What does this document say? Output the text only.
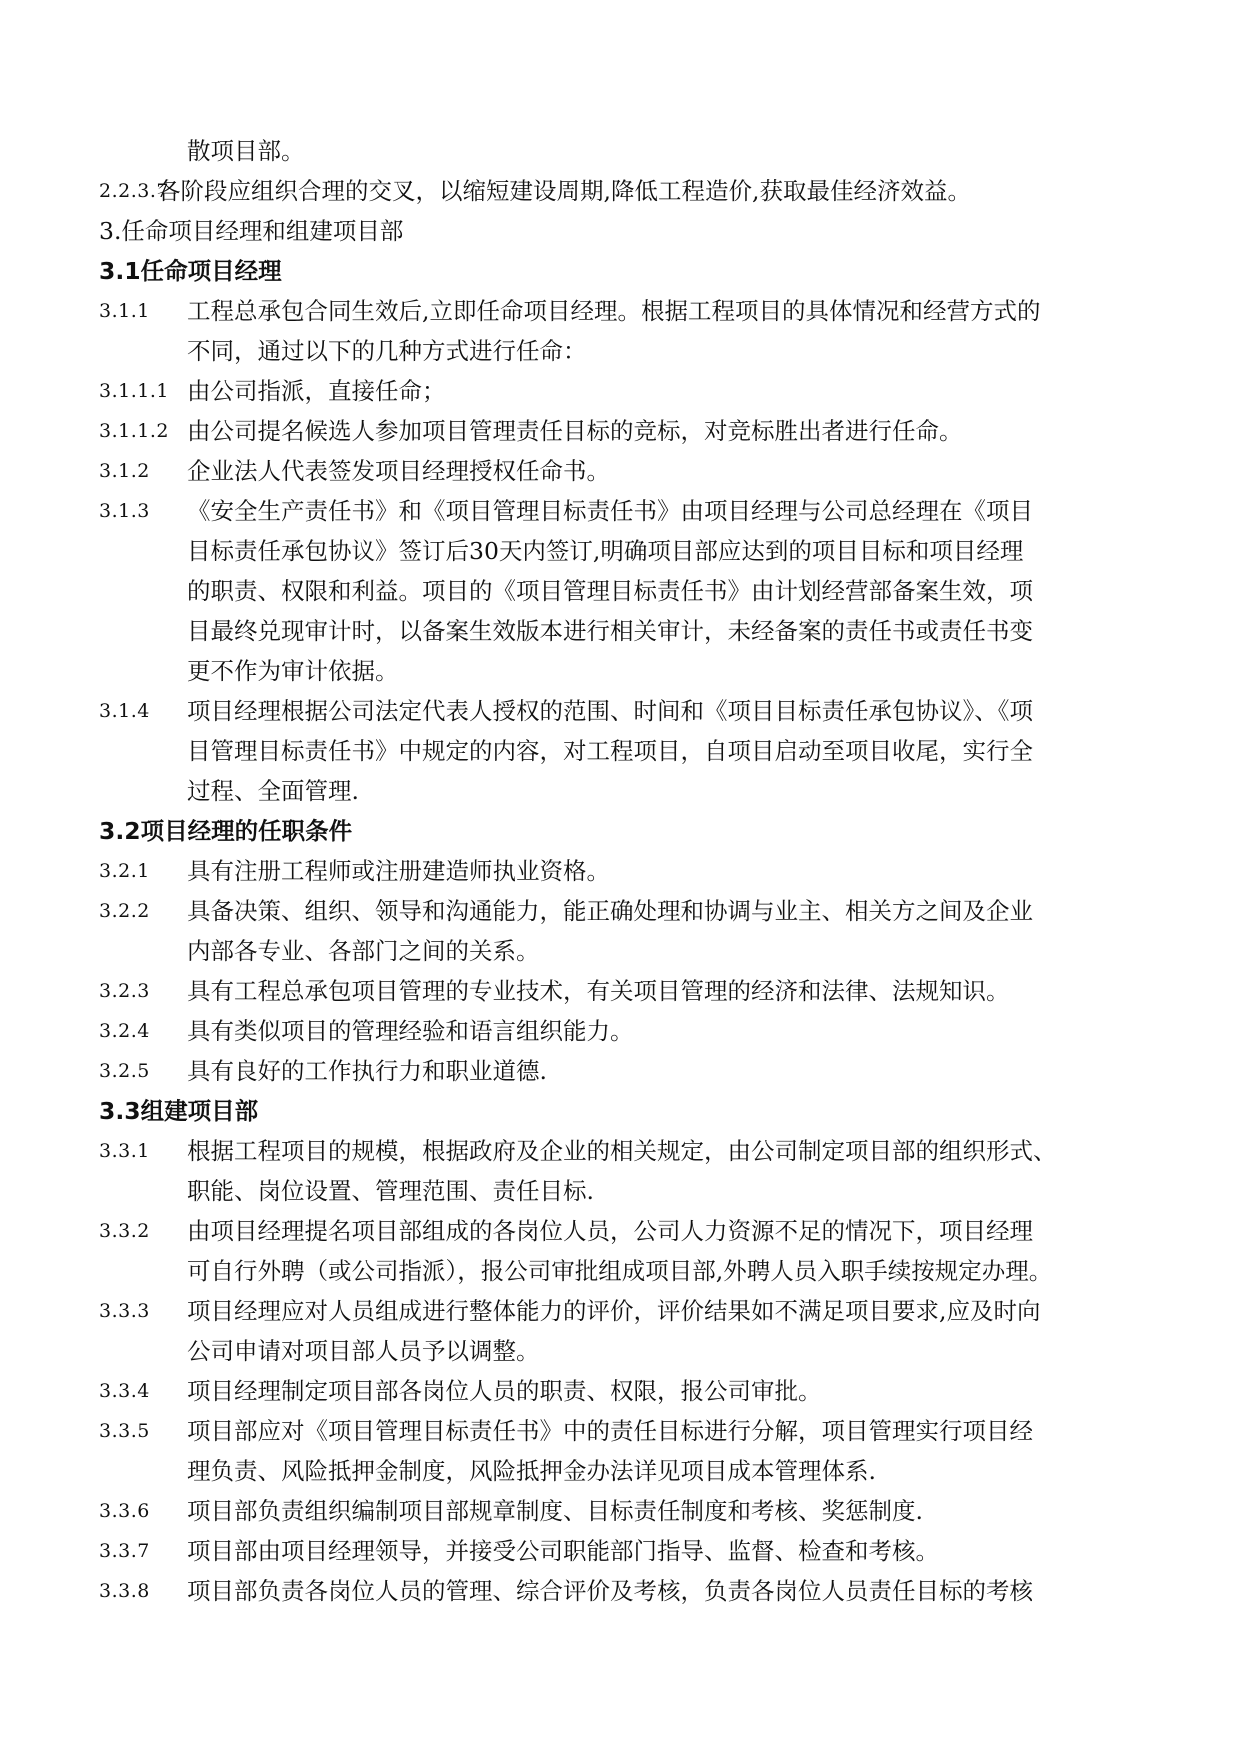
散项目部。
2.2.3.7
各阶段应组织合理的交叉，以缩短建设周期,降低工程造价,获取最佳经济效益。
3.任命项目经理和组建项目部
3.1任命项目经理
3.1.1 工程总承包合同生效后,立即任命项目经理。根据工程项目的具体情况和经营方式的
不同，通过以下的几种方式进行任命：
3.1.1.1 由公司指派，直接任命；
3.1.1.2 由公司提名候选人参加项目管理责任目标的竞标，对竞标胜出者进行任命。
3.1.2 企业法人代表签发项目经理授权任命书。
3.1.3 《安全生产责任书》和《项目管理目标责任书》由项目经理与公司总经理在《项目
目标责任承包协议》签订后30天内签订,明确项目部应达到的项目目标和项目经理
的职责、权限和利益。项目的《项目管理目标责任书》由计划经营部备案生效，项
目最终兑现审计时，以备案生效版本进行相关审计，未经备案的责任书或责任书变
更不作为审计依据。
3.1.4 项目经理根据公司法定代表人授权的范围、时间和《项目目标责任承包协议》、《项
目管理目标责任书》中规定的内容，对工程项目，自项目启动至项目收尾，实行全
过程、全面管理.
3.2项目经理的任职条件
3.2.1 具有注册工程师或注册建造师执业资格。
3.2.2 具备决策、组织、领导和沟通能力，能正确处理和协调与业主、相关方之间及企业
内部各专业、各部门之间的关系。
3.2.3 具有工程总承包项目管理的专业技术，有关项目管理的经济和法律、法规知识。
3.2.4 具有类似项目的管理经验和语言组织能力。
3.2.5 具有良好的工作执行力和职业道德.
3.3组建项目部
3.3.1 根据工程项目的规模，根据政府及企业的相关规定，由公司制定项目部的组织形式、
职能、岗位设置、管理范围、责任目标.
3.3.2 由项目经理提名项目部组成的各岗位人员，公司人力资源不足的情况下，项目经理
可自行外聘（或公司指派），报公司审批组成项目部,外聘人员入职手续按规定办理。
3.3.3 项目经理应对人员组成进行整体能力的评价，评价结果如不满足项目要求,应及时向
公司申请对项目部人员予以调整。
3.3.4 项目经理制定项目部各岗位人员的职责、权限，报公司审批。
3.3.5 项目部应对《项目管理目标责任书》中的责任目标进行分解，项目管理实行项目经
理负责、风险抵押金制度，风险抵押金办法详见项目成本管理体系.
3.3.6 项目部负责组织编制项目部规章制度、目标责任制度和考核、奖惩制度.
3.3.7 项目部由项目经理领导，并接受公司职能部门指导、监督、检查和考核。
3.3.8 项目部负责各岗位人员的管理、综合评价及考核，负责各岗位人员责任目标的考核
